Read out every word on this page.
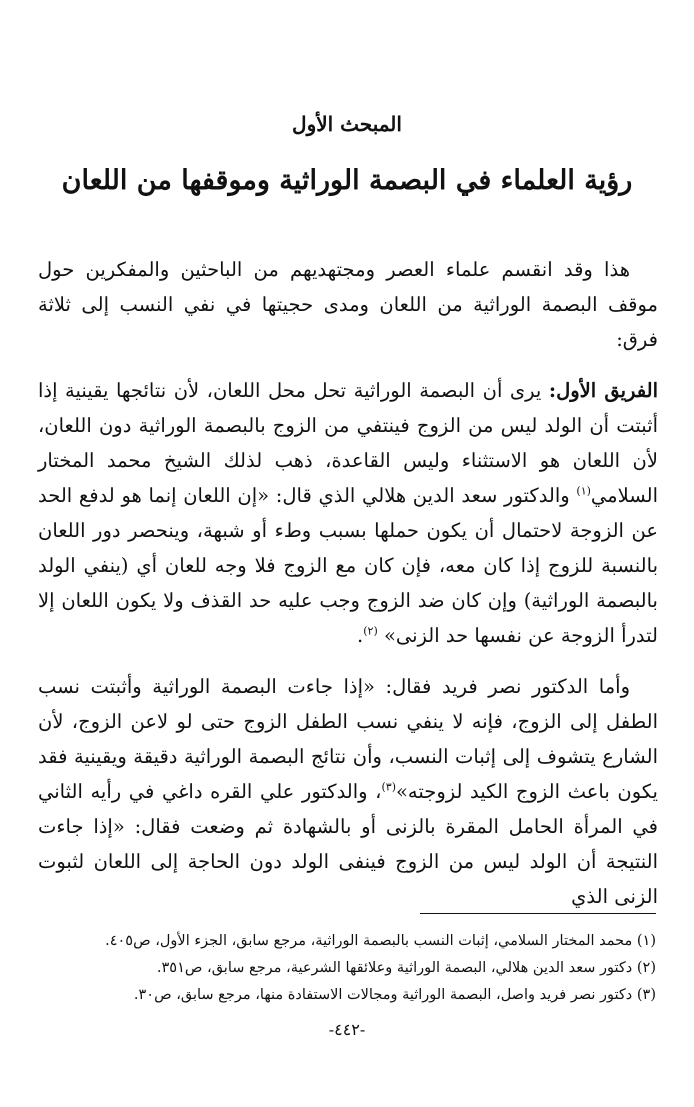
المبحث الأول
رؤية العلماء في البصمة الوراثية وموقفها من اللعان

هذا وقد انقسم علماء العصر ومجتهديهم من الباحثين والمفكرين حول موقف البصمة الوراثية من اللعان ومدى حجيتها في نفي النسب إلى ثلاثة فرق:

الفريق الأول: يرى أن البصمة الوراثية تحل محل اللعان، لأن نتائجها يقينية إذا أثبتت أن الولد ليس من الزوج فينتفي من الزوج بالبصمة الوراثية دون اللعان، لأن اللعان هو الاستثناء وليس القاعدة، ذهب لذلك الشيخ محمد المختار السلامي$^{(١)}$ والدكتور سعد الدين هلالي الذي قال: «إن اللعان إنما هو لدفع الحد عن الزوجة لاحتمال أن يكون حملها بسبب وطء أو شبهة، وينحصر دور اللعان بالنسبة للزوج إذا كان معه، فإن كان مع الزوج فلا وجه للعان أي (ينفي الولد بالبصمة الوراثية) وإن كان ضد الزوج وجب عليه حد القذف ولا يكون اللعان إلا لتدرأ الزوجة عن نفسها حد الزنى» $^{(٢)}$.

وأما الدكتور نصر فريد فقال: «إذا جاءت البصمة الوراثية وأثبتت نسب الطفل إلى الزوج، فإنه لا ينفي نسب الطفل الزوج حتى لو لاعن الزوج، لأن الشارع يتشوف إلى إثبات النسب، وأن نتائج البصمة الوراثية دقيقة ويقينية فقد يكون باعث الزوج الكيد لزوجته»$^{(٣)}$، والدكتور علي القره داغي في رأيه الثاني في المرأة الحامل المقرة بالزنى أو بالشهادة ثم وضعت فقال: «إذا جاءت النتيجة أن الولد ليس من الزوج فينفى الولد دون الحاجة إلى اللعان لثبوت الزنى الذي

(١) محمد المختار السلامي، إثبات النسب بالبصمة الوراثية، مرجع سابق، الجزء الأول، ص٤٠٥.
(٢) دكتور سعد الدين هلالي، البصمة الوراثية وعلائقها الشرعية، مرجع سابق، ص٣٥١.
(٣) دكتور نصر فريد واصل، البصمة الوراثية ومجالات الاستفادة منها، مرجع سابق، ص٣٠.
-٤٤٢-
